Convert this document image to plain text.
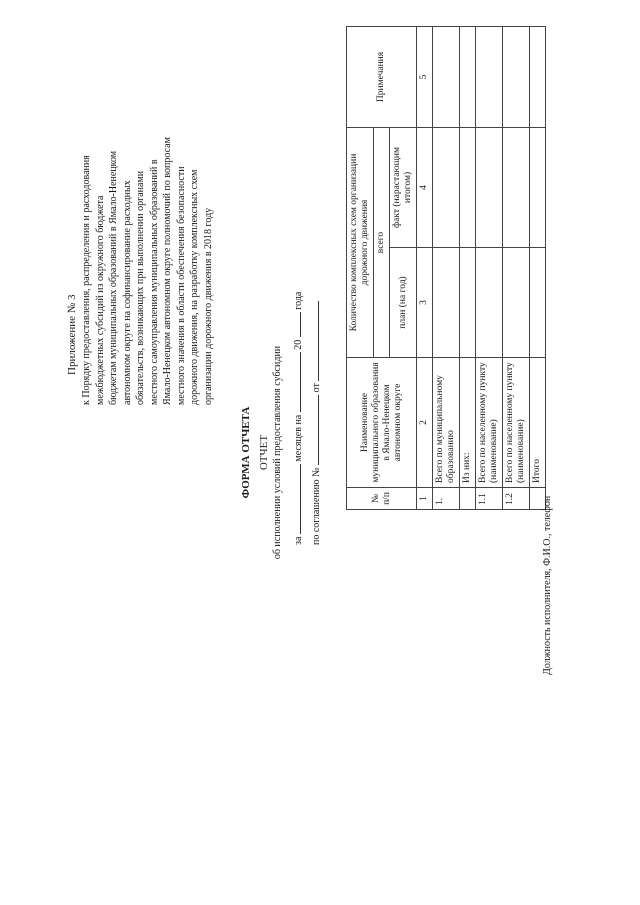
Приложение № 3 к Порядку предоставления, распределения и расходования межбюджетных субсидий из окружного бюджета бюджетам муниципальных образований в Ямало-Ненецком автономном округе на софинансирование расходных обязательств, возникающих при выполнении органами местного самоуправления муниципальных образований в Ямало-Ненецком автономном округе полномочий по вопросам местного значения в области обеспечения безопасности дорожного движения, на разработку комплексных схем организации дорожного движения в 2018 году

ФОРМА ОТЧЕТА ОТЧЕТ об исполнении условий предоставления субсидии	за  месяцев на  20  года

по соглашению №  от

№ п/п	Наименование муниципального образования в Ямало-Ненецком автономном округе	Количество комплексных схем организации дорожного движения		Примечания
		всего		
		план (на год)	факт (нарастающим итогом)	
1	2	3	4	5
1.	Всего по муниципальному образованию			
	Из них:			
1.1	Всего по населенному пункту (наименование)			
1.2	Всего по населенному пункту (наименование)			
	Итого			

Должность исполнителя, Ф.И.О., телефон
